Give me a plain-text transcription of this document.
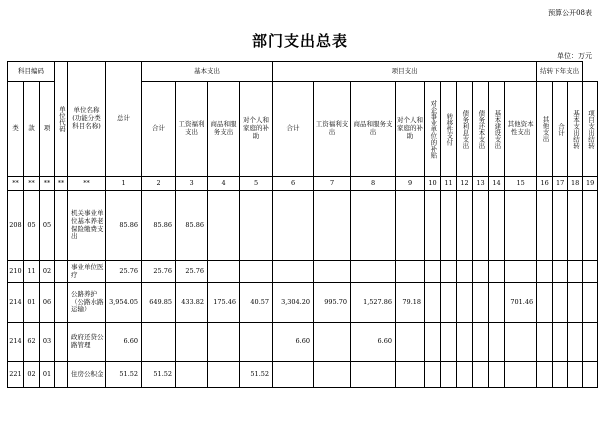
预算公开08表
部门支出总表
单位：万元
科目编码			单位代码	单位名称(功能分类科目名称)	总计	基本支出				项目支出										结转下年支出			
类	款	项				合计	工资福利支出	商品和服务支出	对个人和家庭的补助	合计	工资福利支出	商品和服务支出	对个人和家庭的补助	对企事业单位的补贴	转移性支付	债务利息支出	债务还本支出	基本建设支出	其他资本性支出	其他支出	合计	基本支出结转	项目支出结转

**	**	**	**	**	1	2	3	4	5	6	7	8	9	10	11	12	13	14	15	16	17	18	19
208	05	05		机关事业单位基本养老保险缴费支出	85.86	85.86	85.86																
210	11	02		事业单位医疗	25.76	25.76	25.76																
214	01	06		公路养护（公路水路运输）	3,954.05	649.85	433.82	175.46	40.57	3,304.20	995.70	1,527.86	79.18						701.46				
214	62	03		政府还贷公路管理	6.60					6.60		6.60											
221	02	01		住房公积金	51.52	51.52			51.52														
